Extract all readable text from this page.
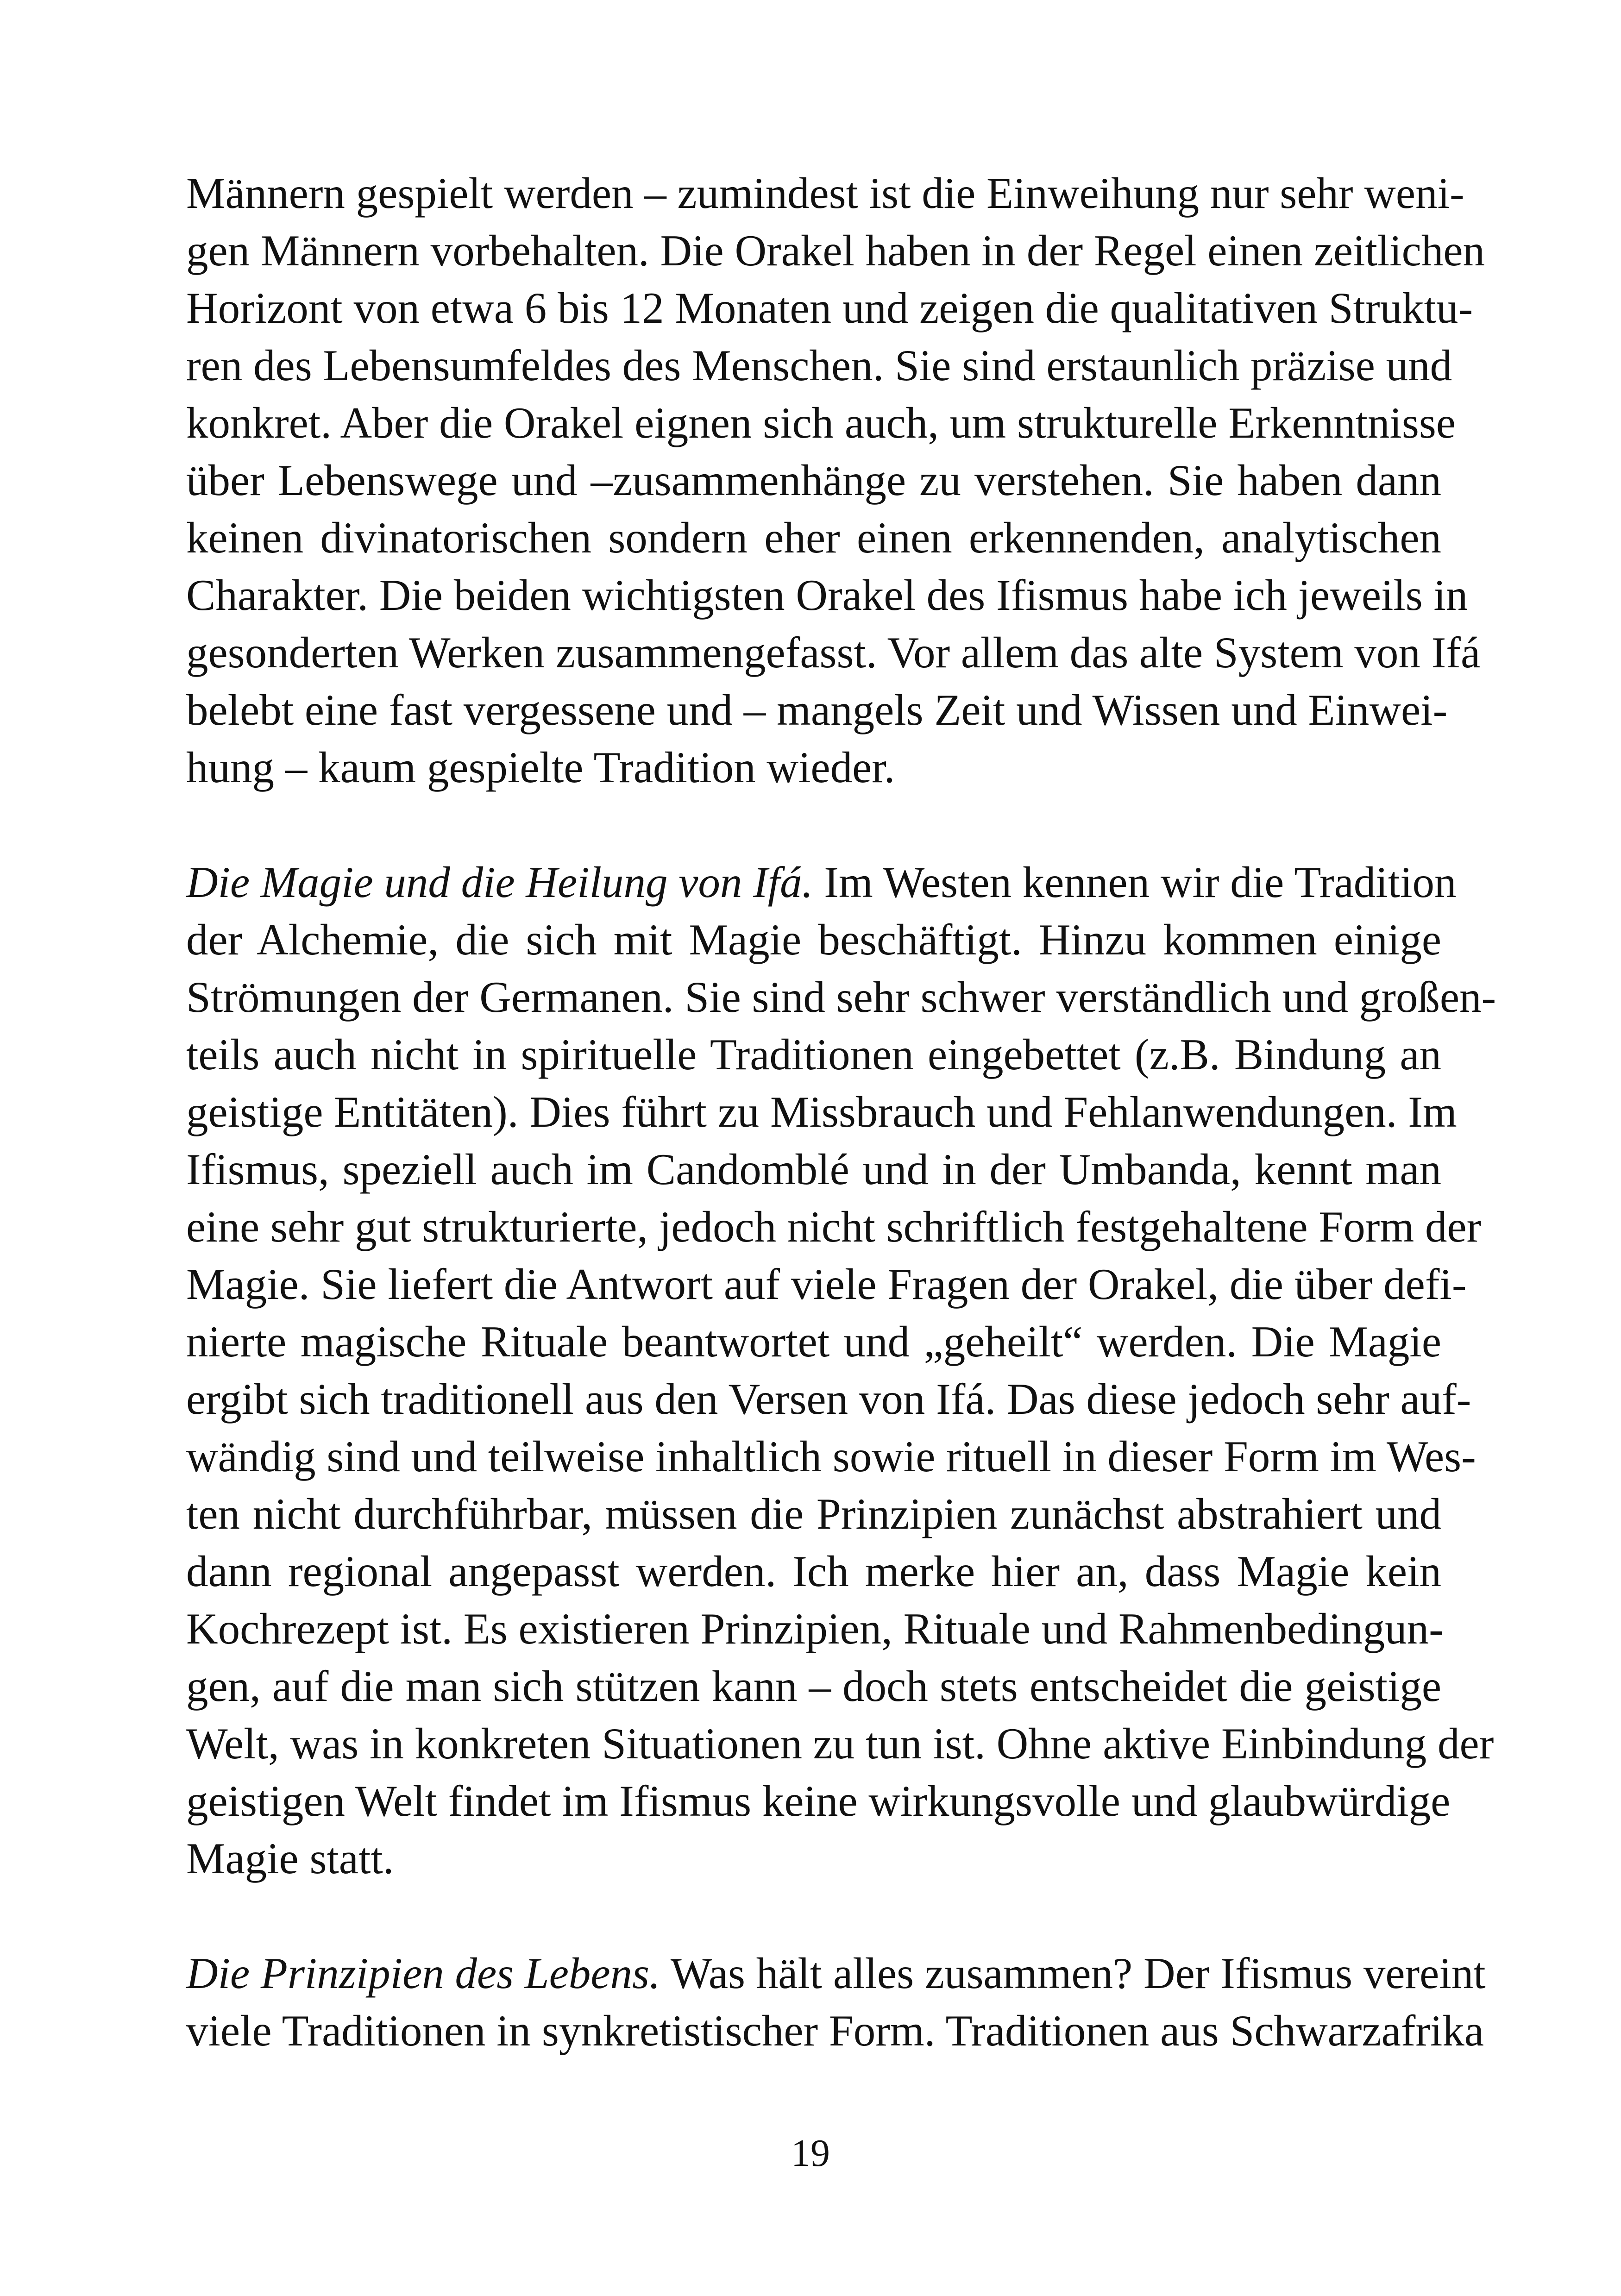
Männern gespielt werden – zumindest ist die Einweihung nur sehr weni-
gen Männern vorbehalten. Die Orakel haben in der Regel einen zeitlichen
Horizont von etwa 6 bis 12 Monaten und zeigen die qualitativen Struktu-
ren des Lebensumfeldes des Menschen. Sie sind erstaunlich präzise und
konkret. Aber die Orakel eignen sich auch, um strukturelle Erkenntnisse
über Lebenswege und –zusammenhänge zu verstehen. Sie haben dann
keinen divinatorischen sondern eher einen erkennenden, analytischen
Charakter. Die beiden wichtigsten Orakel des Ifismus habe ich jeweils in
gesonderten Werken zusammengefasst. Vor allem das alte System von Ifá
belebt eine fast vergessene und – mangels Zeit und Wissen und Einwei-
hung – kaum gespielte Tradition wieder.
Die Magie und die Heilung von Ifá. Im Westen kennen wir die Tradition
der Alchemie, die sich mit Magie beschäftigt. Hinzu kommen einige
Strömungen der Germanen. Sie sind sehr schwer verständlich und großen-
teils auch nicht in spirituelle Traditionen eingebettet (z.B. Bindung an
geistige Entitäten). Dies führt zu Missbrauch und Fehlanwendungen. Im
Ifismus, speziell auch im Candomblé und in der Umbanda, kennt man
eine sehr gut strukturierte, jedoch nicht schriftlich festgehaltene Form der
Magie. Sie liefert die Antwort auf viele Fragen der Orakel, die über defi-
nierte magische Rituale beantwortet und „geheilt“ werden. Die Magie
ergibt sich traditionell aus den Versen von Ifá. Das diese jedoch sehr auf-
wändig sind und teilweise inhaltlich sowie rituell in dieser Form im Wes-
ten nicht durchführbar, müssen die Prinzipien zunächst abstrahiert und
dann regional angepasst werden. Ich merke hier an, dass Magie kein
Kochrezept ist. Es existieren Prinzipien, Rituale und Rahmenbedingun-
gen, auf die man sich stützen kann – doch stets entscheidet die geistige
Welt, was in konkreten Situationen zu tun ist. Ohne aktive Einbindung der
geistigen Welt findet im Ifismus keine wirkungsvolle und glaubwürdige
Magie statt.
Die Prinzipien des Lebens. Was hält alles zusammen? Der Ifismus vereint
viele Traditionen in synkretistischer Form. Traditionen aus Schwarzafrika
19
